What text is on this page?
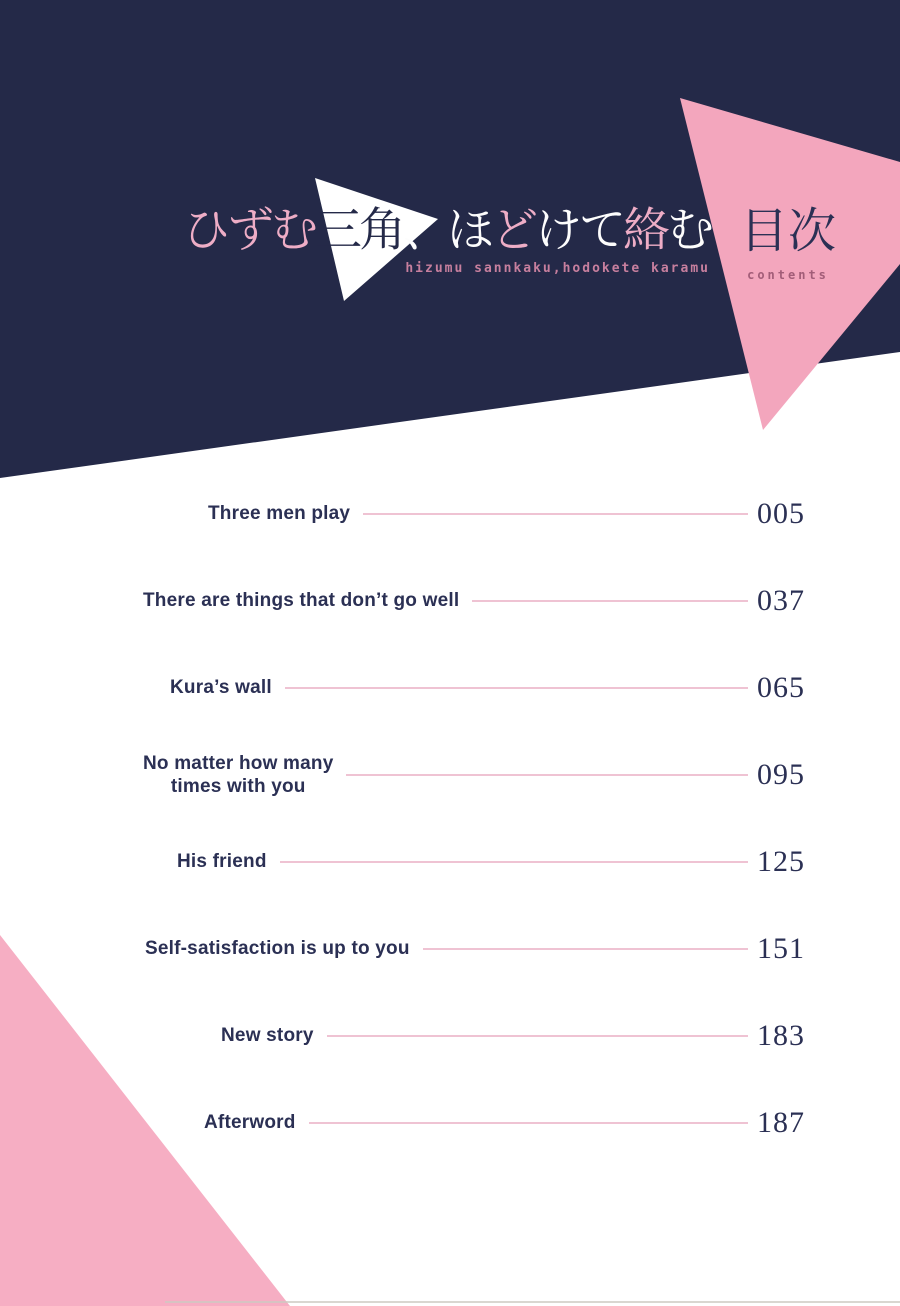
ひずむ三角、ほどけて絡む
hizumu sannkaku,hodokete karamu
目次
contents
Three men play	005
There are things that don’t go well	037
Kura’s wall	065
No matter how many
times with you	095
His friend	125
Self-satisfaction is up to you	151
New story	183
Afterword	187
